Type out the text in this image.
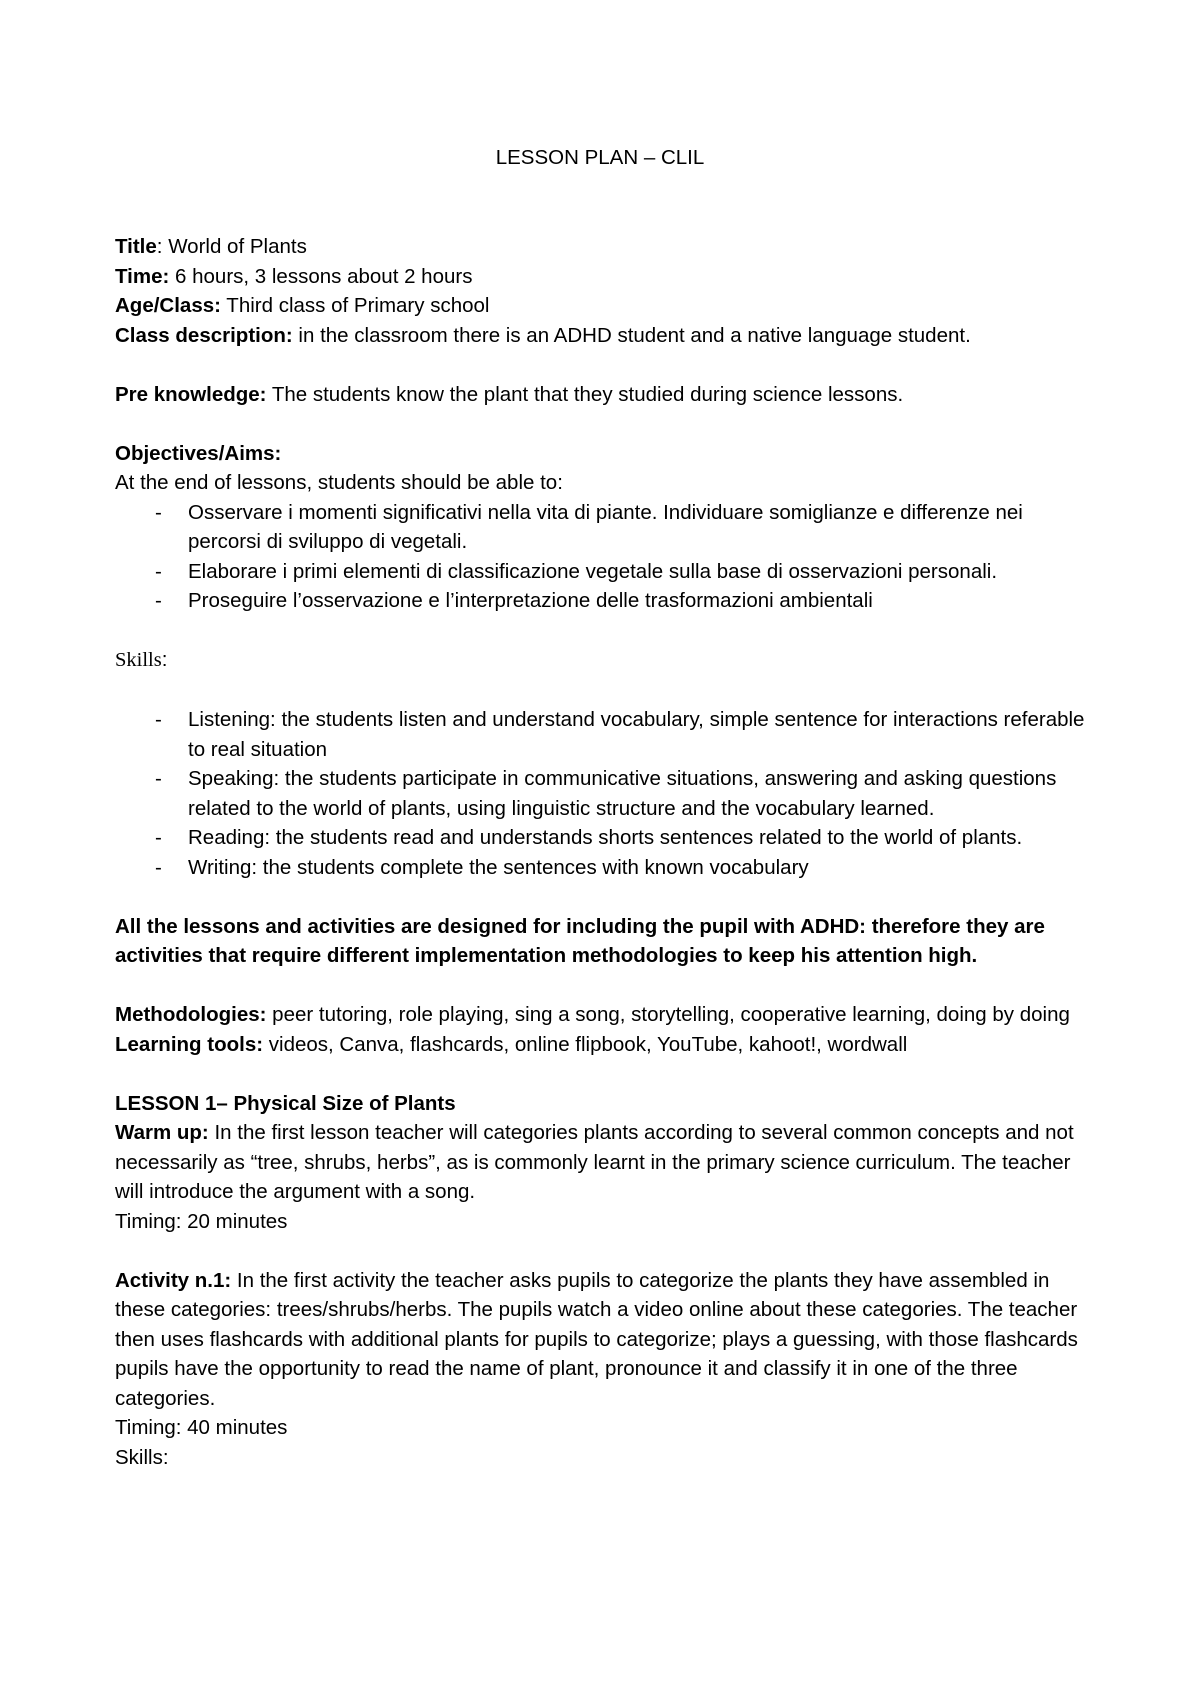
LESSON PLAN – CLIL

Title: World of Plants

Time: 6 hours, 3 lessons about 2 hours

Age/Class: Third class of Primary school

Class description: in the classroom there is an ADHD student and a native language student.

Pre knowledge: The students know the plant that they studied during science lessons.

Objectives/Aims:

At the end of lessons, students should be able to:

- Osservare i momenti significativi nella vita di piante. Individuare somiglianze e differenze nei percorsi di sviluppo di vegetali.
- Elaborare i primi elementi di classificazione vegetale sulla base di osservazioni personali.
- Proseguire l’osservazione e l’interpretazione delle trasformazioni ambientali

Skills:

- Listening: the students listen and understand vocabulary, simple sentence for interactions referable to real situation
- Speaking: the students participate in communicative situations, answering and asking questions related to the world of plants, using linguistic structure and the vocabulary learned.
- Reading: the students read and understands shorts sentences related to the world of plants.
- Writing: the students complete the sentences with known vocabulary

All the lessons and activities are designed for including the pupil with ADHD: therefore they are activities that require different implementation methodologies to keep his attention high.

Methodologies: peer tutoring, role playing, sing a song, storytelling, cooperative learning, doing by doing

Learning tools: videos, Canva, flashcards, online flipbook, YouTube, kahoot!, wordwall

LESSON 1– Physical Size of Plants

Warm up: In the first lesson teacher will categories plants according to several common concepts and not necessarily as “tree, shrubs, herbs”, as is commonly learnt in the primary science curriculum. The teacher will introduce the argument with a song.

Timing: 20 minutes

Activity n.1: In the first activity the teacher asks pupils to categorize the plants they have assembled in these categories: trees/shrubs/herbs. The pupils watch a video online about these categories. The teacher then uses flashcards with additional plants for pupils to categorize; plays a guessing, with those flashcards pupils have the opportunity to read the name of plant, pronounce it and classify it in one of the three categories.

Timing: 40 minutes

Skills:
